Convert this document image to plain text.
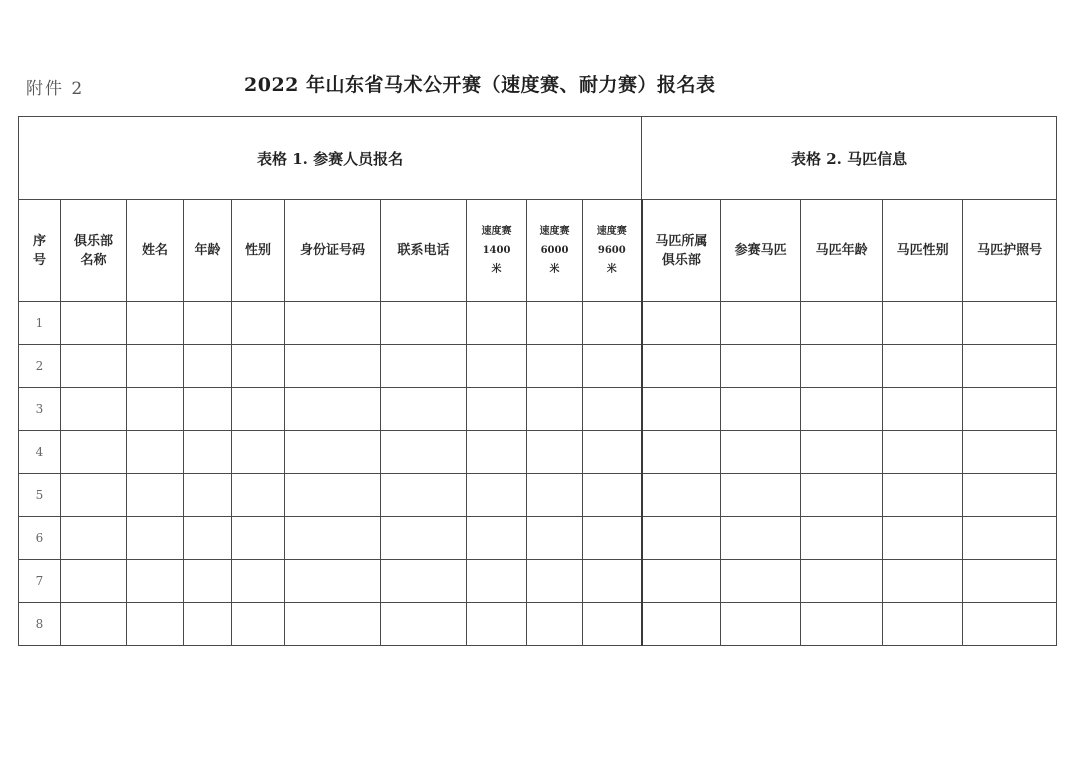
附件 2	2022 年山东省马术公开赛（速度赛、耐力赛）报名表
表格 1. 参赛人员报名										表格 2. 马匹信息				
序号	俱乐部名称	姓名	年龄	性别	身份证号码	联系电话	速度赛1400 米	速度赛6000 米	速度赛9600 米	马匹所属俱乐部	参赛马匹	马匹年龄	马匹性别	马匹护照号
1														
2														
3														
4														
5														
6														
7														
8														
